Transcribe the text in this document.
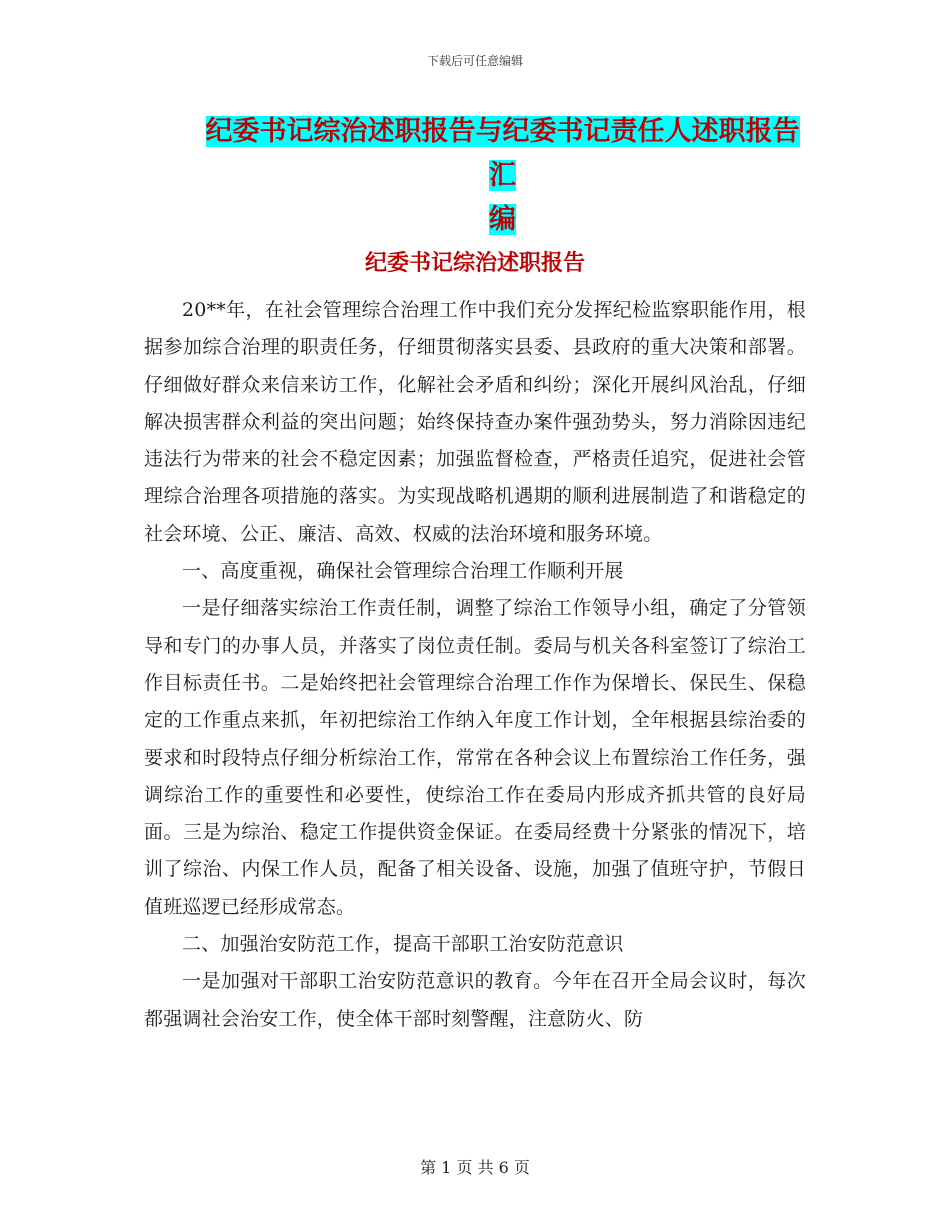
下载后可任意编辑
纪委书记综治述职报告与纪委书记责任人述职报告汇
编
纪委书记综治述职报告

20**年，在社会管理综合治理工作中我们充分发挥纪检监察职能作用，根据参加综合治理的职责任务，仔细贯彻落实县委、县政府的重大决策和部署。仔细做好群众来信来访工作，化解社会矛盾和纠纷；深化开展纠风治乱，仔细解决损害群众利益的突出问题；始终保持查办案件强劲势头，努力消除因违纪违法行为带来的社会不稳定因素；加强监督检查，严格责任追究，促进社会管理综合治理各项措施的落实。为实现战略机遇期的顺利进展制造了和谐稳定的社会环境、公正、廉洁、高效、权威的法治环境和服务环境。

一、高度重视，确保社会管理综合治理工作顺利开展

一是仔细落实综治工作责任制，调整了综治工作领导小组，确定了分管领导和专门的办事人员，并落实了岗位责任制。委局与机关各科室签订了综治工作目标责任书。二是始终把社会管理综合治理工作作为保增长、保民生、保稳定的工作重点来抓，年初把综治工作纳入年度工作计划，全年根据县综治委的要求和时段特点仔细分析综治工作，常常在各种会议上布置综治工作任务，强调综治工作的重要性和必要性，使综治工作在委局内形成齐抓共管的良好局面。三是为综治、稳定工作提供资金保证。在委局经费十分紧张的情况下，培训了综治、内保工作人员，配备了相关设备、设施，加强了值班守护，节假日值班巡逻已经形成常态。

二、加强治安防范工作，提高干部职工治安防范意识

一是加强对干部职工治安防范意识的教育。今年在召开全局会议时，每次都强调社会治安工作，使全体干部时刻警醒，注意防火、防

第 1 页 共 6 页
